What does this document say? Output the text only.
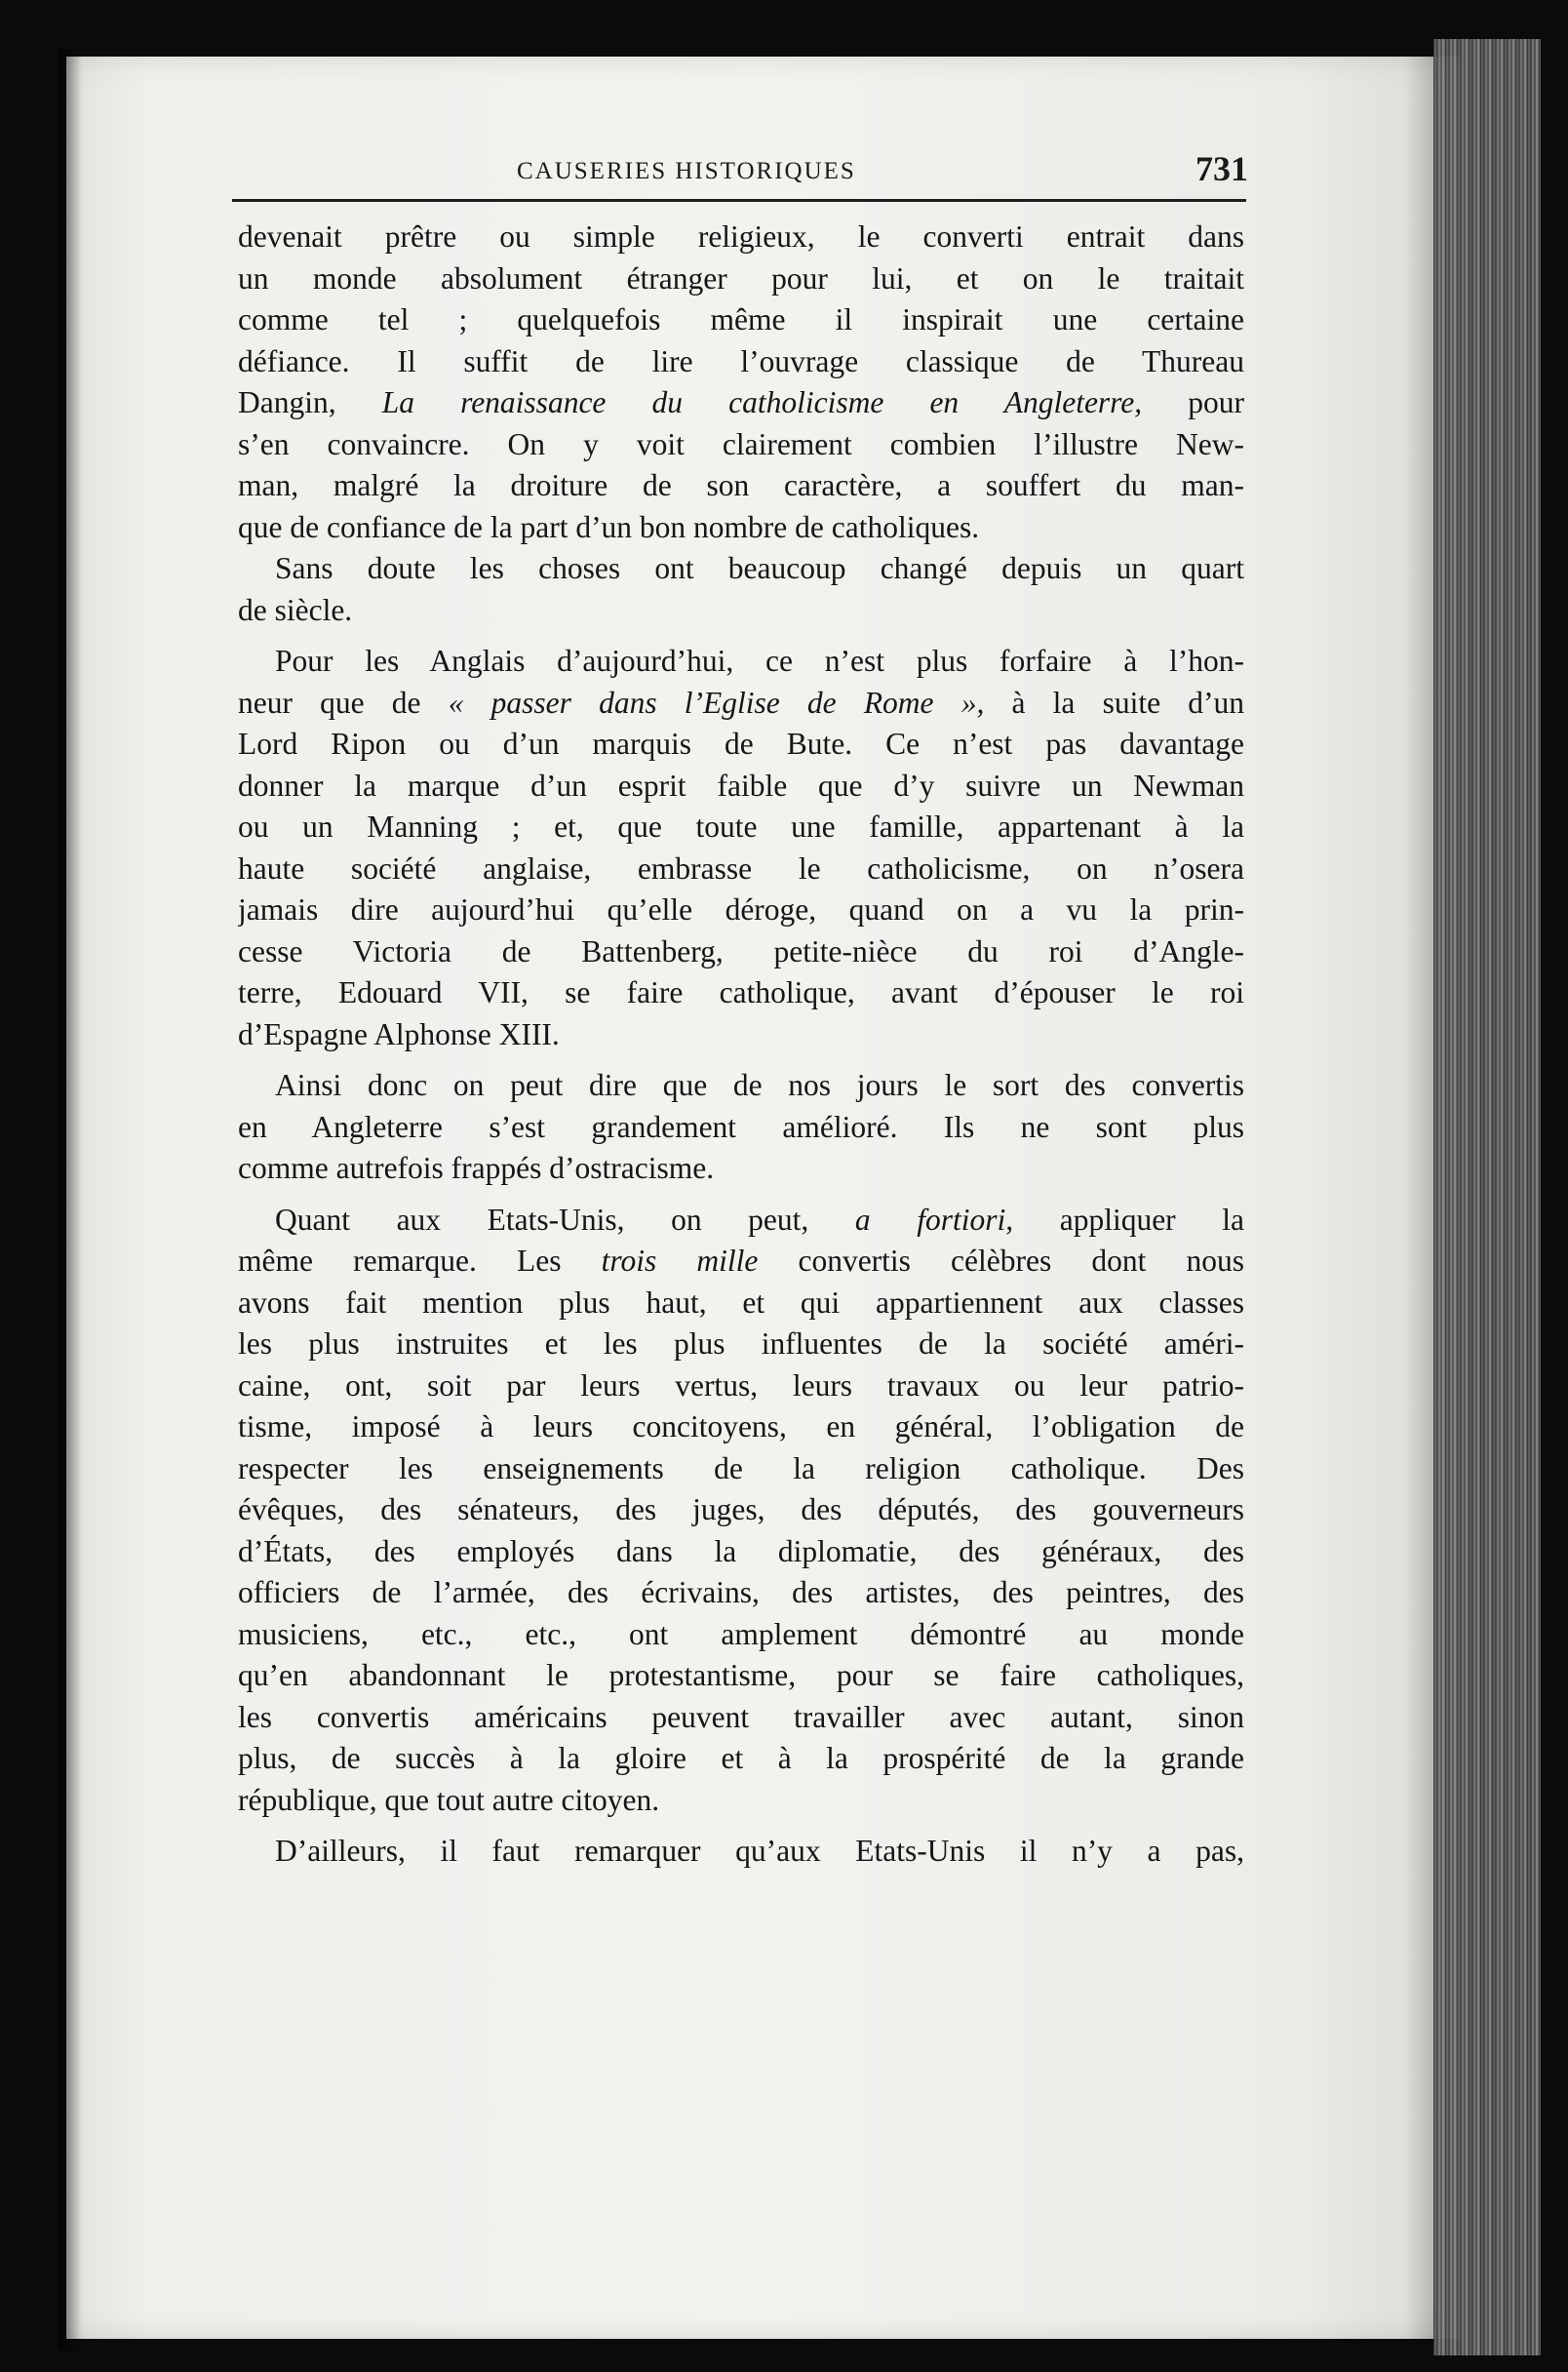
CAUSERIES HISTORIQUES	731
devenait prêtre ou simple religieux, le converti entrait dans
un monde absolument étranger pour lui, et on le traitait
comme tel ; quelquefois même il inspirait une certaine
défiance. Il suffit de lire l’ouvrage classique de Thureau
Dangin, La renaissance du catholicisme en Angleterre, pour
s’en convaincre. On y voit clairement combien l’illustre New-
man, malgré la droiture de son caractère, a souffert du man-
que de confiance de la part d’un bon nombre de catholiques.
Sans doute les choses ont beaucoup changé depuis un quart
de siècle.
Pour les Anglais d’aujourd’hui, ce n’est plus forfaire à l’hon-
neur que de « passer dans l’Eglise de Rome », à la suite d’un
Lord Ripon ou d’un marquis de Bute. Ce n’est pas davantage
donner la marque d’un esprit faible que d’y suivre un Newman
ou un Manning ; et, que toute une famille, appartenant à la
haute société anglaise, embrasse le catholicisme, on n’osera
jamais dire aujourd’hui qu’elle déroge, quand on a vu la prin-
cesse Victoria de Battenberg, petite-nièce du roi d’Angle-
terre, Edouard VII, se faire catholique, avant d’épouser le roi
d’Espagne Alphonse XIII.
Ainsi donc on peut dire que de nos jours le sort des convertis
en Angleterre s’est grandement amélioré. Ils ne sont plus
comme autrefois frappés d’ostracisme.
Quant aux Etats-Unis, on peut, a fortiori, appliquer la
même remarque. Les trois mille convertis célèbres dont nous
avons fait mention plus haut, et qui appartiennent aux classes
les plus instruites et les plus influentes de la société améri-
caine, ont, soit par leurs vertus, leurs travaux ou leur patrio-
tisme, imposé à leurs concitoyens, en général, l’obligation de
respecter les enseignements de la religion catholique. Des
évêques, des sénateurs, des juges, des députés, des gouverneurs
d’États, des employés dans la diplomatie, des généraux, des
officiers de l’armée, des écrivains, des artistes, des peintres, des
musiciens, etc., etc., ont amplement démontré au monde
qu’en abandonnant le protestantisme, pour se faire catholiques,
les convertis américains peuvent travailler avec autant, sinon
plus, de succès à la gloire et à la prospérité de la grande
république, que tout autre citoyen.
D’ailleurs, il faut remarquer qu’aux Etats-Unis il n’y a pas,
